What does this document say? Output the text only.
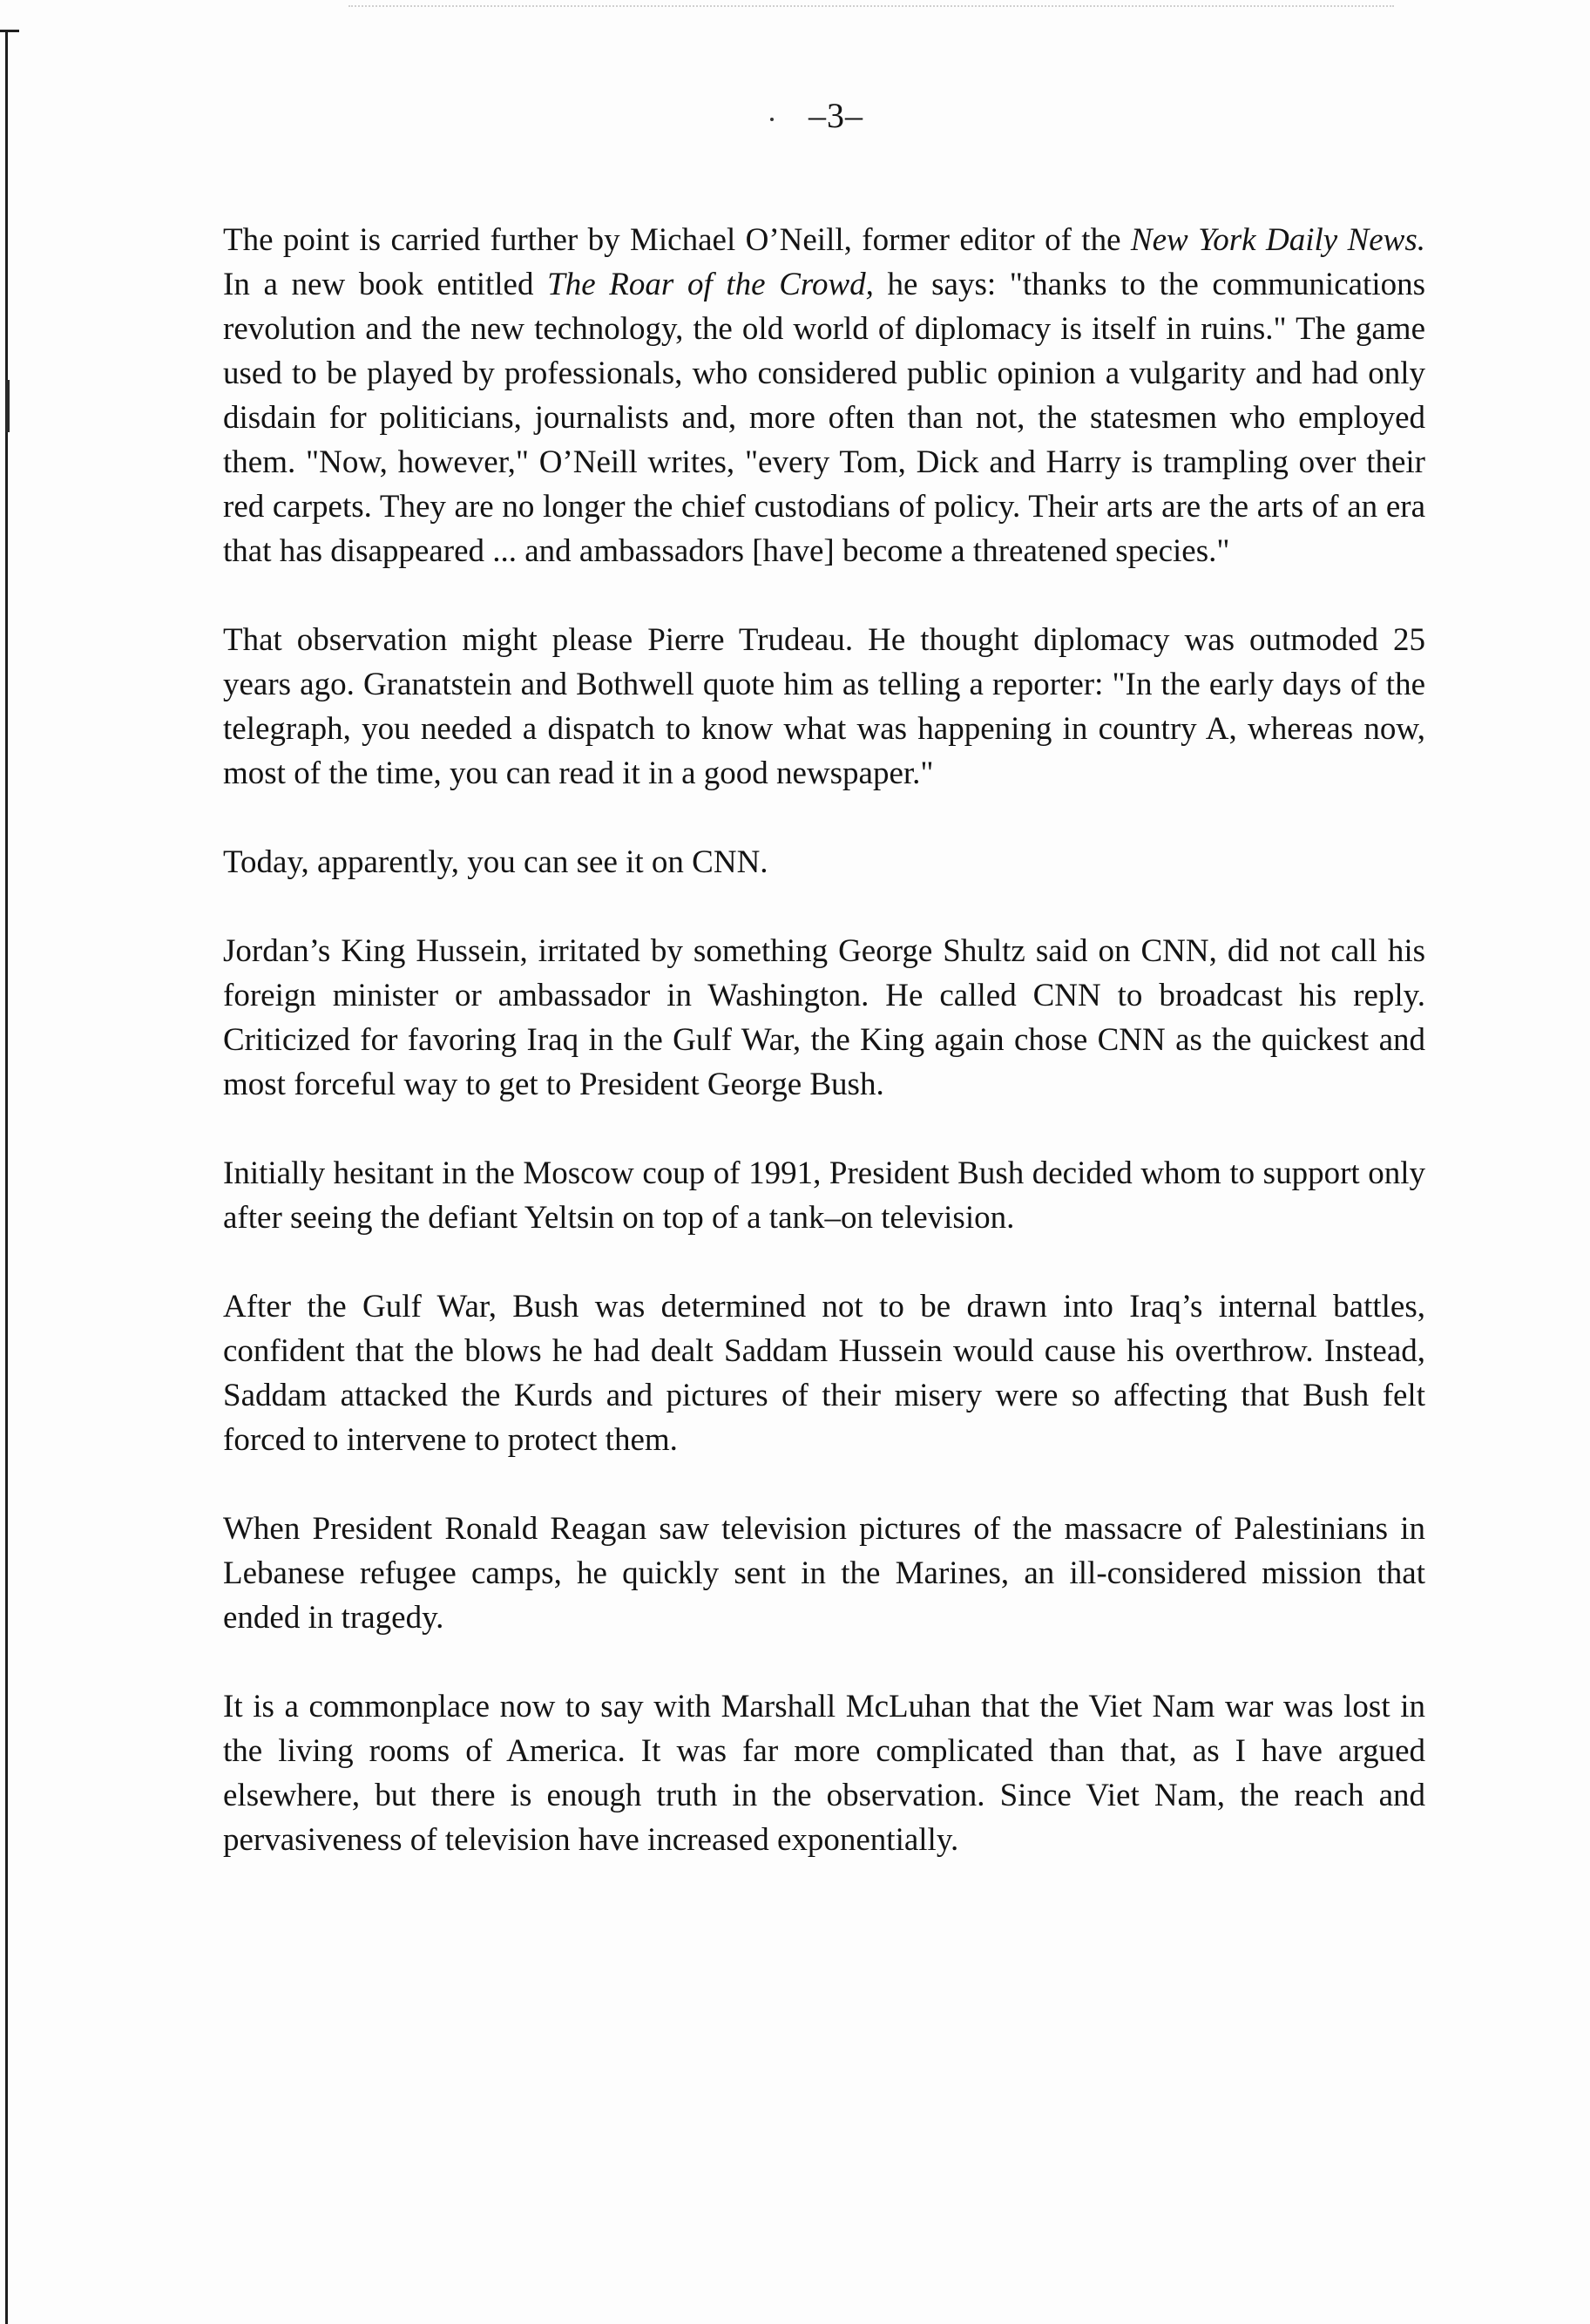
–3–

The point is carried further by Michael O’Neill, former editor of the New York Daily News. In a new book entitled The Roar of the Crowd, he says: "thanks to the communications revolution and the new technology, the old world of diplomacy is itself in ruins." The game used to be played by professionals, who considered public opinion a vulgarity and had only disdain for politicians, journalists and, more often than not, the statesmen who employed them. "Now, however," O’Neill writes, "every Tom, Dick and Harry is trampling over their red carpets. They are no longer the chief custodians of policy. Their arts are the arts of an era that has disappeared ... and ambassadors [have] become a threatened species."

That observation might please Pierre Trudeau. He thought diplomacy was outmoded 25 years ago. Granatstein and Bothwell quote him as telling a reporter: "In the early days of the telegraph, you needed a dispatch to know what was happening in country A, whereas now, most of the time, you can read it in a good newspaper."

Today, apparently, you can see it on CNN.

Jordan’s King Hussein, irritated by something George Shultz said on CNN, did not call his foreign minister or ambassador in Washington. He called CNN to broadcast his reply. Criticized for favoring Iraq in the Gulf War, the King again chose CNN as the quickest and most forceful way to get to President George Bush.

Initially hesitant in the Moscow coup of 1991, President Bush decided whom to support only after seeing the defiant Yeltsin on top of a tank–on television.

After the Gulf War, Bush was determined not to be drawn into Iraq’s internal battles, confident that the blows he had dealt Saddam Hussein would cause his overthrow. Instead, Saddam attacked the Kurds and pictures of their misery were so affecting that Bush felt forced to intervene to protect them.

When President Ronald Reagan saw television pictures of the massacre of Palestinians in Lebanese refugee camps, he quickly sent in the Marines, an ill-considered mission that ended in tragedy.

It is a commonplace now to say with Marshall McLuhan that the Viet Nam war was lost in the living rooms of America. It was far more complicated than that, as I have argued elsewhere, but there is enough truth in the observation. Since Viet Nam, the reach and pervasiveness of television have increased exponentially.
